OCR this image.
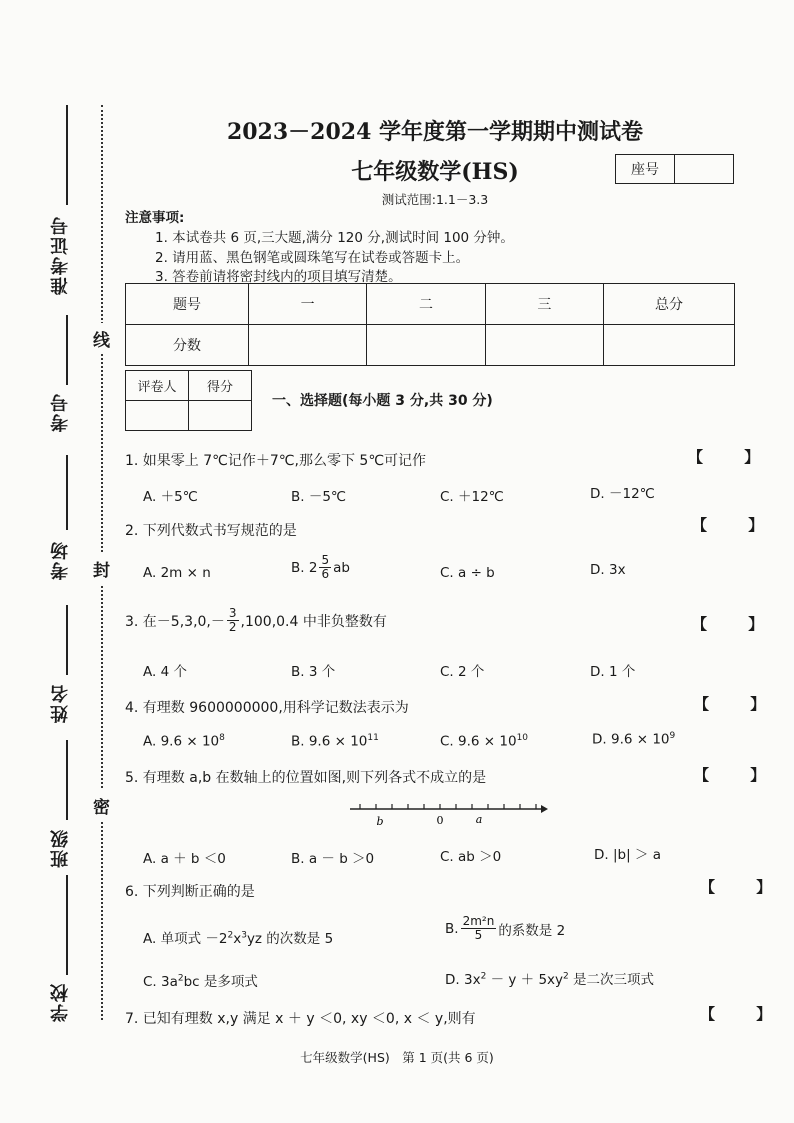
准考证号
考号
考场
姓名
班级
学校
线
封
密
2023－2024 学年度第一学期期中测试卷
七年级数学(HS)	座号
测试范围:1.1－3.3
注意事项:
1. 本试卷共 6 页,三大题,满分 120 分,测试时间 100 分钟。
2. 请用蓝、黑色钢笔或圆珠笔写在试卷或答题卡上。
3. 答卷前请将密封线内的项目填写清楚。
题号	一	二	三	总分
分数				
评卷人	得分

一、选择题(每小题 3 分,共 30 分)
1. 如果零上 7℃记作＋7℃,那么零下 5℃可记作	【 】
A. ＋5℃	B. －5℃	C. ＋12℃	D. －12℃
2. 下列代数式书写规范的是	【 】
A. 2m × n	B. $2 \frac{5}{6}$ ab	C. a ÷ b	D. 3x
3. 在$-5,3,0,- \frac{3}{2} ,100,0.4$ 中非负整数有	【 】
A. 4 个	B. 3 个	C. 2 个	D. 1 个
4. 有理数 9600000000,用科学记数法表示为	【 】
A. $9.6 \times 10^8$	B. $9.6 \times 10^{11}$	C. $9.6 \times 10^{10}$	D. $9.6 \times 10^9$
5. 有理数 a,b 在数轴上的位置如图,则下列各式不成立的是	【 】
b	0	a
A. a ＋ b ＜0	B. a － b ＞0	C. ab ＞0	D. |b| ＞ a
6. 下列判断正确的是	【 】
A. 单项式 $-2^2x^3yz$ 的次数是 5
B. $\frac{\text{2m²n}}{5}$ 的系数是 2
C. $3a^2bc$ 是多项式	D. $3x^2 - y + 5xy^2$ 是二次三项式
7. 已知有理数 x,y 满足 x ＋ y ＜0, xy ＜0, x ＜ y,则有	【 】
七年级数学(HS)　第 1 页(共 6 页)
